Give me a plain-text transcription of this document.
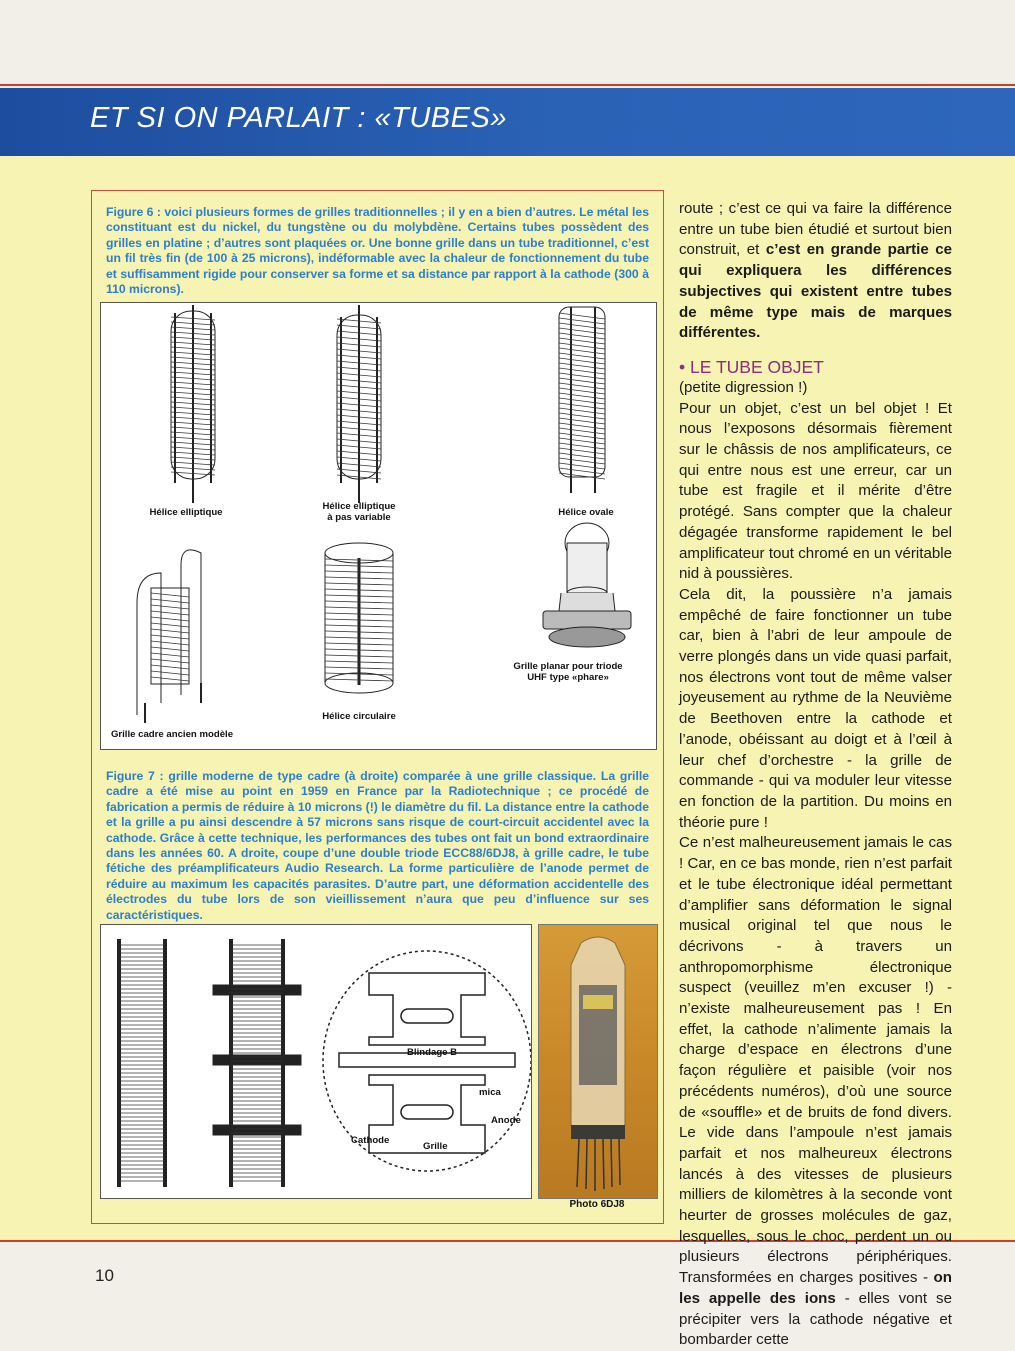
ET SI ON PARLAIT : «TUBES»
10
Figure 6 : voici plusieurs formes de grilles traditionnelles ; il y en a bien d’autres. Le métal les constituant est du nickel, du tungstène ou du molybdène. Certains tubes possèdent des grilles en platine ; d’autres sont plaquées or. Une bonne grille dans un tube traditionnel, c’est un fil très fin (de 100 à 25 microns), indéformable avec la chaleur de fonctionnement du tube et suffisamment rigide pour conserver sa forme et sa distance par rapport à la cathode (300 à 110 microns).
Hélice elliptique
Hélice elliptique
à pas variable	Hélice ovale
Grille planar pour triode
UHF type «phare»
Hélice circulaire
Grille cadre ancien modèle
Figure 7 : grille moderne de type cadre (à droite) comparée à une grille classique. La grille cadre a été mise au point en 1959 en France par la Radiotechnique ; ce procédé de fabrication a permis de réduire à 10 microns (!) le diamètre du fil. La distance entre la cathode et la grille a pu ainsi descendre à 57 microns sans risque de court-circuit accidentel avec la cathode. Grâce à cette technique, les performances des tubes ont fait un bond extraordinaire dans les années 60. A droite, coupe d’une double triode ECC88/6DJ8, à grille cadre, le tube fétiche des préamplificateurs Audio Research. La forme particulière de l’anode permet de réduire au maximum les capacités parasites. D’autre part, une déformation accidentelle des électrodes du tube lors de son vieillissement n’aura que peu d’influence sur ses caractéristiques.
Blindage B
mica
Anode
Cathode
Grille
Photo 6DJ8

route ; c’est ce qui va faire la différence entre un tube bien étudié et surtout bien construit, et c’est en grande partie ce qui expliquera les différences subjectives qui existent entre tubes de même type mais de marques différentes.

• LE TUBE OBJET

(petite digression !)

Pour un objet, c’est un bel objet ! Et nous l’exposons désormais fièrement sur le châssis de nos amplificateurs, ce qui entre nous est une erreur, car un tube est fragile et il mérite d’être protégé. Sans compter que la chaleur dégagée transforme rapidement le bel amplificateur tout chromé en un véritable nid à poussières.

Cela dit, la poussière n’a jamais empêché de faire fonctionner un tube car, bien à l’abri de leur ampoule de verre plongés dans un vide quasi parfait, nos électrons vont tout de même valser joyeusement au rythme de la Neuvième de Beethoven entre la cathode et l’anode, obéissant au doigt et à l’œil à leur chef d’orchestre - la grille de commande - qui va moduler leur vitesse en fonction de la partition. Du moins en théorie pure !

Ce n’est malheureusement jamais le cas ! Car, en ce bas monde, rien n’est parfait et le tube électronique idéal permettant d’amplifier sans déformation le signal musical original tel que nous le décrivons - à travers un anthropomorphisme électronique suspect (veuillez m’en excuser !) - n’existe malheureusement pas ! En effet, la cathode n’alimente jamais la charge d’espace en électrons d’une façon régulière et paisible (voir nos précédents numéros), d’où une source de «souffle» et de bruits de fond divers. Le vide dans l’ampoule n’est jamais parfait et nos malheureux électrons lancés à des vitesses de plusieurs milliers de kilomètres à la seconde vont heurter de grosses molécules de gaz, lesquelles, sous le choc, perdent un ou plusieurs électrons périphériques. Transformées en charges positives - on les appelle des ions - elles vont se précipiter vers la cathode négative et bombarder cette
